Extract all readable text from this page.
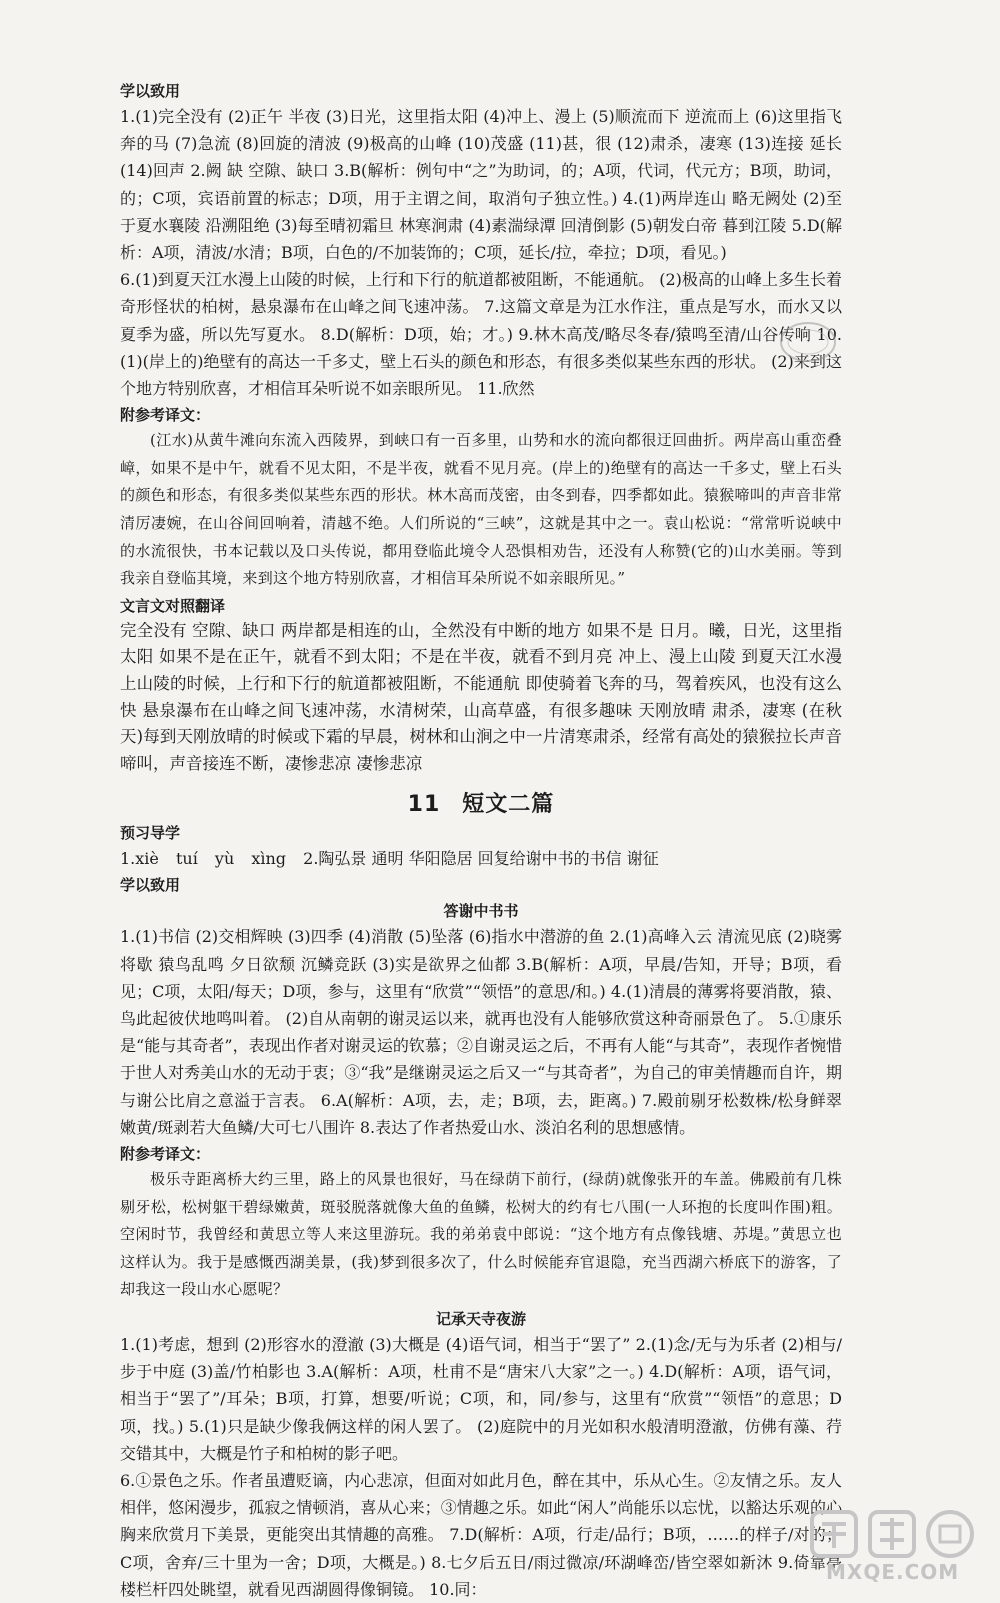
学以致用

1.(1)完全没有 (2)正午 半夜 (3)日光，这里指太阳 (4)冲上、漫上 (5)顺流而下 逆流而上 (6)这里指飞奔的马 (7)急流 (8)回旋的清波 (9)极高的山峰 (10)茂盛 (11)甚，很 (12)肃杀，凄寒 (13)连接 延长 (14)回声 2.阙 缺 空隙、缺口 3.B(解析：例句中“之”为助词，的；A项，代词，代元方；B项，助词，的；C项，宾语前置的标志；D项，用于主谓之间，取消句子独立性。) 4.(1)两岸连山 略无阙处 (2)至于夏水襄陵 沿溯阻绝 (3)每至晴初霜旦 林寒涧肃 (4)素湍绿潭 回清倒影 (5)朝发白帝 暮到江陵 5.D(解析：A项，清波/水清；B项，白色的/不加装饰的；C项，延长/拉，牵拉；D项，看见。)

6.(1)到夏天江水漫上山陵的时候，上行和下行的航道都被阻断，不能通航。 (2)极高的山峰上多生长着奇形怪状的柏树，悬泉瀑布在山峰之间飞速冲荡。 7.这篇文章是为江水作注，重点是写水，而水又以夏季为盛，所以先写夏水。 8.D(解析：D项，始；才。) 9.林木高茂/略尽冬春/猿鸣至清/山谷传响 10.(1)(岸上的)绝壁有的高达一千多丈，壁上石头的颜色和形态，有很多类似某些东西的形状。 (2)来到这个地方特别欣喜，才相信耳朵听说不如亲眼所见。 11.欣然

附参考译文：

(江水)从黄牛滩向东流入西陵界，到峡口有一百多里，山势和水的流向都很迂回曲折。两岸高山重峦叠嶂，如果不是中午，就看不见太阳，不是半夜，就看不见月亮。(岸上的)绝壁有的高达一千多丈，壁上石头的颜色和形态，有很多类似某些东西的形状。林木高而茂密，由冬到春，四季都如此。猿猴啼叫的声音非常清厉凄婉，在山谷间回响着，清越不绝。人们所说的“三峡”，这就是其中之一。袁山松说：“常常听说峡中的水流很快，书本记载以及口头传说，都用登临此境令人恐惧相劝告，还没有人称赞(它的)山水美丽。等到我亲自登临其境，来到这个地方特别欣喜，才相信耳朵所说不如亲眼所见。”

文言文对照翻译

完全没有 空隙、缺口 两岸都是相连的山，全然没有中断的地方 如果不是 日月。曦，日光，这里指太阳 如果不是在正午，就看不到太阳；不是在半夜，就看不到月亮 冲上、漫上山陵 到夏天江水漫上山陵的时候，上行和下行的航道都被阻断，不能通航 即使骑着飞奔的马，驾着疾风，也没有这么快 悬泉瀑布在山峰之间飞速冲荡，水清树荣，山高草盛，有很多趣味 天刚放晴 肃杀，凄寒 (在秋天)每到天刚放晴的时候或下霜的早晨，树林和山涧之中一片清寒肃杀，经常有高处的猿猴拉长声音啼叫，声音接连不断，凄惨悲凉 凄惨悲凉

11 短文二篇
预习导学

1.xiè tuí yù xìng 2.陶弘景 通明 华阳隐居 回复给谢中书的书信 谢征

学以致用
答谢中书书

1.(1)书信 (2)交相辉映 (3)四季 (4)消散 (5)坠落 (6)指水中潜游的鱼 2.(1)高峰入云 清流见底 (2)晓雾将歇 猿鸟乱鸣 夕日欲颓 沉鳞竞跃 (3)实是欲界之仙都 3.B(解析：A项，早晨/告知，开导；B项，看见；C项，太阳/每天；D项，参与，这里有“欣赏”“领悟”的意思/和。) 4.(1)清晨的薄雾将要消散，猿、鸟此起彼伏地鸣叫着。 (2)自从南朝的谢灵运以来，就再也没有人能够欣赏这种奇丽景色了。 5.①康乐是“能与其奇者”，表现出作者对谢灵运的钦慕；②自谢灵运之后，不再有人能“与其奇”，表现作者惋惜于世人对秀美山水的无动于衷；③“我”是继谢灵运之后又一“与其奇者”，为自己的审美情趣而自许，期与谢公比肩之意溢于言表。 6.A(解析：A项，去，走；B项，去，距离。) 7.殿前剔牙松数株/松身鲜翠嫩黄/斑剥若大鱼鳞/大可七八围许 8.表达了作者热爱山水、淡泊名利的思想感情。

附参考译文：

极乐寺距离桥大约三里，路上的风景也很好，马在绿荫下前行，(绿荫)就像张开的车盖。佛殿前有几株剔牙松，松树躯干碧绿嫩黄，斑驳脱落就像大鱼的鱼鳞，松树大的约有七八围(一人环抱的长度叫作围)粗。空闲时节，我曾经和黄思立等人来这里游玩。我的弟弟袁中郎说：“这个地方有点像钱塘、苏堤。”黄思立也这样认为。我于是感慨西湖美景，(我)梦到很多次了，什么时候能弃官退隐，充当西湖六桥底下的游客，了却我这一段山水心愿呢？

记承天寺夜游

1.(1)考虑，想到 (2)形容水的澄澈 (3)大概是 (4)语气词，相当于“罢了” 2.(1)念/无与为乐者 (2)相与/步于中庭 (3)盖/竹柏影也 3.A(解析：A项，杜甫不是“唐宋八大家”之一。) 4.D(解析：A项，语气词，相当于“罢了”/耳朵；B项，打算，想要/听说；C项，和，同/参与，这里有“欣赏”“领悟”的意思；D项，找。) 5.(1)只是缺少像我俩这样的闲人罢了。 (2)庭院中的月光如积水般清明澄澈，仿佛有藻、荇交错其中，大概是竹子和柏树的影子吧。

6.①景色之乐。作者虽遭贬谪，内心悲凉，但面对如此月色，醉在其中，乐从心生。②友情之乐。友人相伴，悠闲漫步，孤寂之情顿消，喜从心来；③情趣之乐。如此“闲人”尚能乐以忘忧，以豁达乐观的心胸来欣赏月下美景，更能突出其情趣的高雅。 7.D(解析：A项，行走/品行；B项，……的样子/对的；C项，舍弃/三十里为一舍；D项，大概是。) 8.七夕后五日/雨过微凉/环湖峰峦/皆空翠如新沐 9.倚靠亭楼栏杆四处眺望，就看见西湖圆得像铜镜。 10.同：

MXQE.COM
